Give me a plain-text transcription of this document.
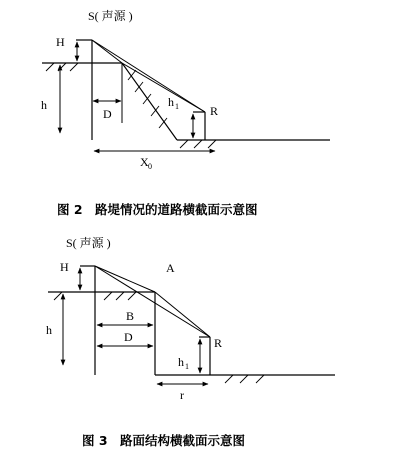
S( 声源 )
H
h
D
h 1	R
X 0
图 2　路堤情况的道路横截面示意图
S( 声源 )
H	A
h
B
D
h 1
R
r
图 3　路面结构横截面示意图
